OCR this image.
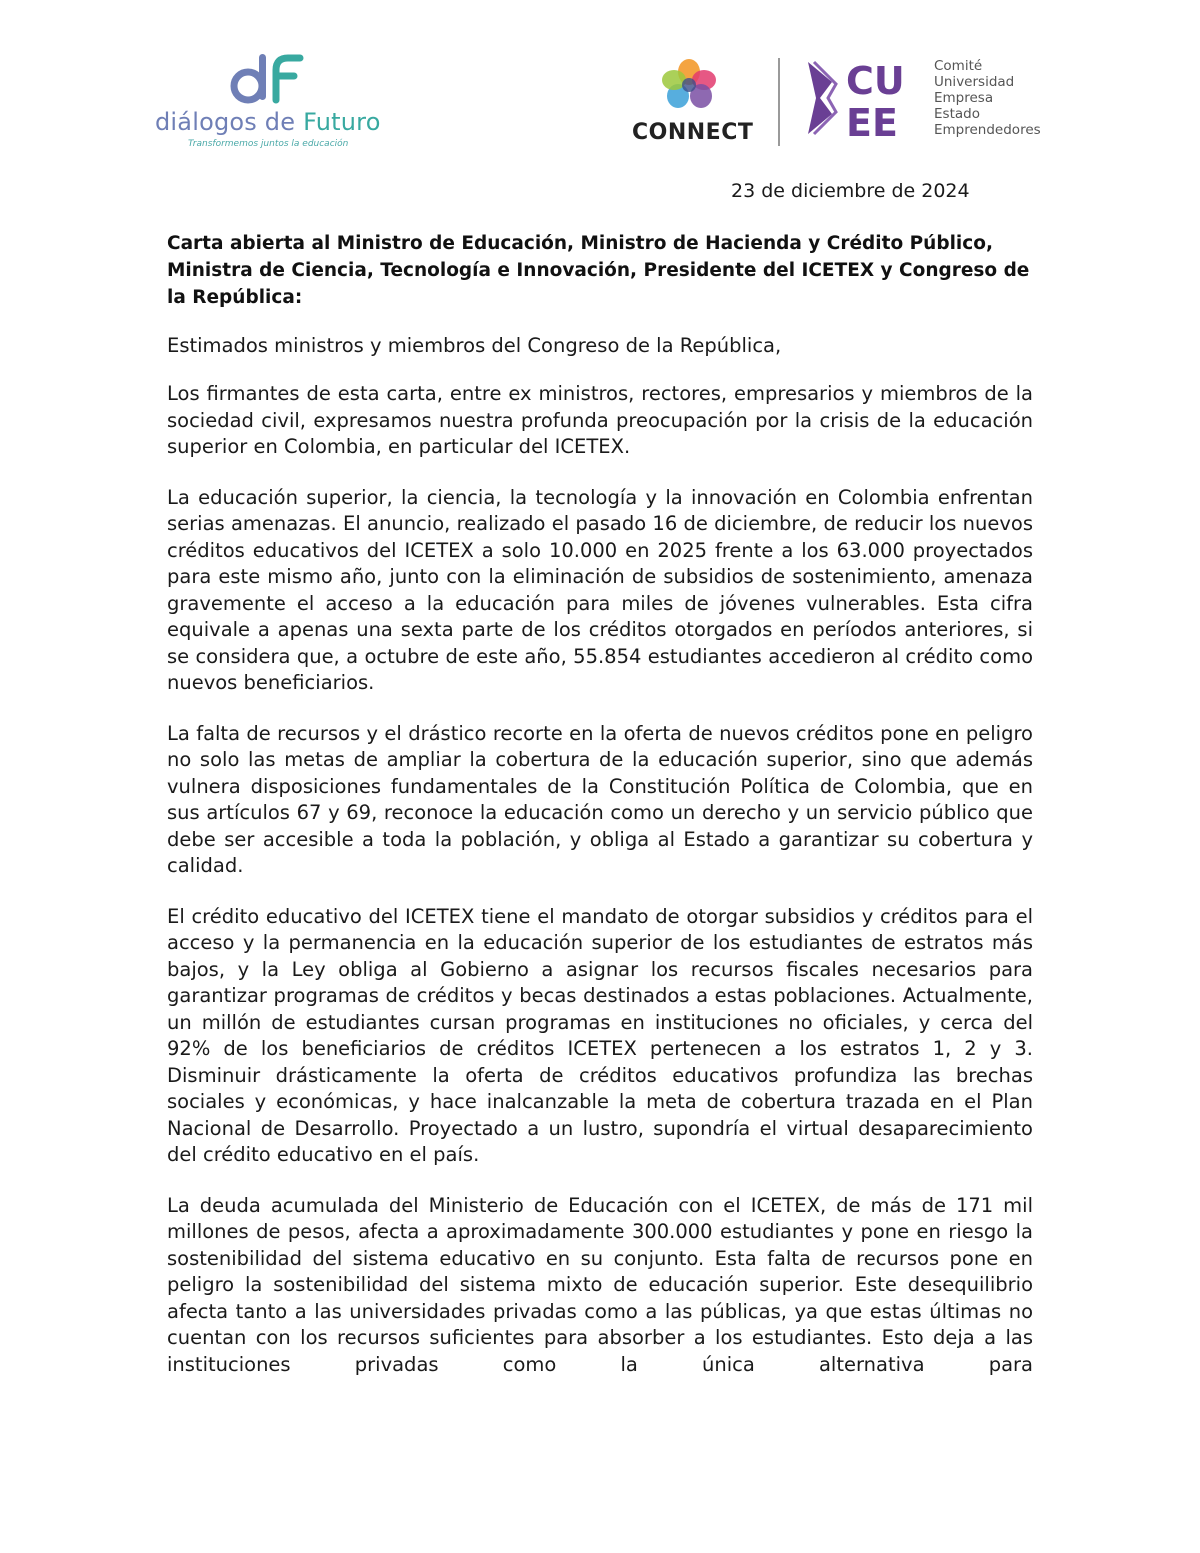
diálogos de Futuro
Transformemos juntos la educación	CONNECT
CU
EE
Comité
Universidad
Empresa
Estado
Emprendedores
23 de diciembre de 2024

Carta abierta al Ministro de Educación, Ministro de Hacienda y Crédito Público, Ministra de Ciencia, Tecnología e Innovación, Presidente del ICETEX y Congreso de la República:

Estimados ministros y miembros del Congreso de la República,

Los firmantes de esta carta, entre ex ministros, rectores, empresarios y miembros de la sociedad civil, expresamos nuestra profunda preocupación por la crisis de la educación superior en Colombia, en particular del ICETEX.

La educación superior, la ciencia, la tecnología y la innovación en Colombia enfrentan serias amenazas. El anuncio, realizado el pasado 16 de diciembre, de reducir los nuevos créditos educativos del ICETEX a solo 10.000 en 2025 frente a los 63.000 proyectados para este mismo año, junto con la eliminación de subsidios de sostenimiento, amenaza gravemente el acceso a la educación para miles de jóvenes vulnerables. Esta cifra equivale a apenas una sexta parte de los créditos otorgados en períodos anteriores, si se considera que, a octubre de este año, 55.854 estudiantes accedieron al crédito como nuevos beneficiarios.

La falta de recursos y el drástico recorte en la oferta de nuevos créditos pone en peligro no solo las metas de ampliar la cobertura de la educación superior, sino que además vulnera disposiciones fundamentales de la Constitución Política de Colombia, que en sus artículos 67 y 69, reconoce la educación como un derecho y un servicio público que debe ser accesible a toda la población, y obliga al Estado a garantizar su cobertura y calidad.

El crédito educativo del ICETEX tiene el mandato de otorgar subsidios y créditos para el acceso y la permanencia en la educación superior de los estudiantes de estratos más bajos, y la Ley obliga al Gobierno a asignar los recursos fiscales necesarios para garantizar programas de créditos y becas destinados a estas poblaciones. Actualmente, un millón de estudiantes cursan programas en instituciones no oficiales, y cerca del 92% de los beneficiarios de créditos ICETEX pertenecen a los estratos 1, 2 y 3. Disminuir drásticamente la oferta de créditos educativos profundiza las brechas sociales y económicas, y hace inalcanzable la meta de cobertura trazada en el Plan Nacional de Desarrollo. Proyectado a un lustro, supondría el virtual desaparecimiento del crédito educativo en el país.

La deuda acumulada del Ministerio de Educación con el ICETEX, de más de 171 mil millones de pesos, afecta a aproximadamente 300.000 estudiantes y pone en riesgo la sostenibilidad del sistema educativo en su conjunto. Esta falta de recursos pone en peligro la sostenibilidad del sistema mixto de educación superior. Este desequilibrio afecta tanto a las universidades privadas como a las públicas, ya que estas últimas no cuentan con los recursos suficientes para absorber a los estudiantes. Esto deja a las instituciones privadas como la única alternativa para
